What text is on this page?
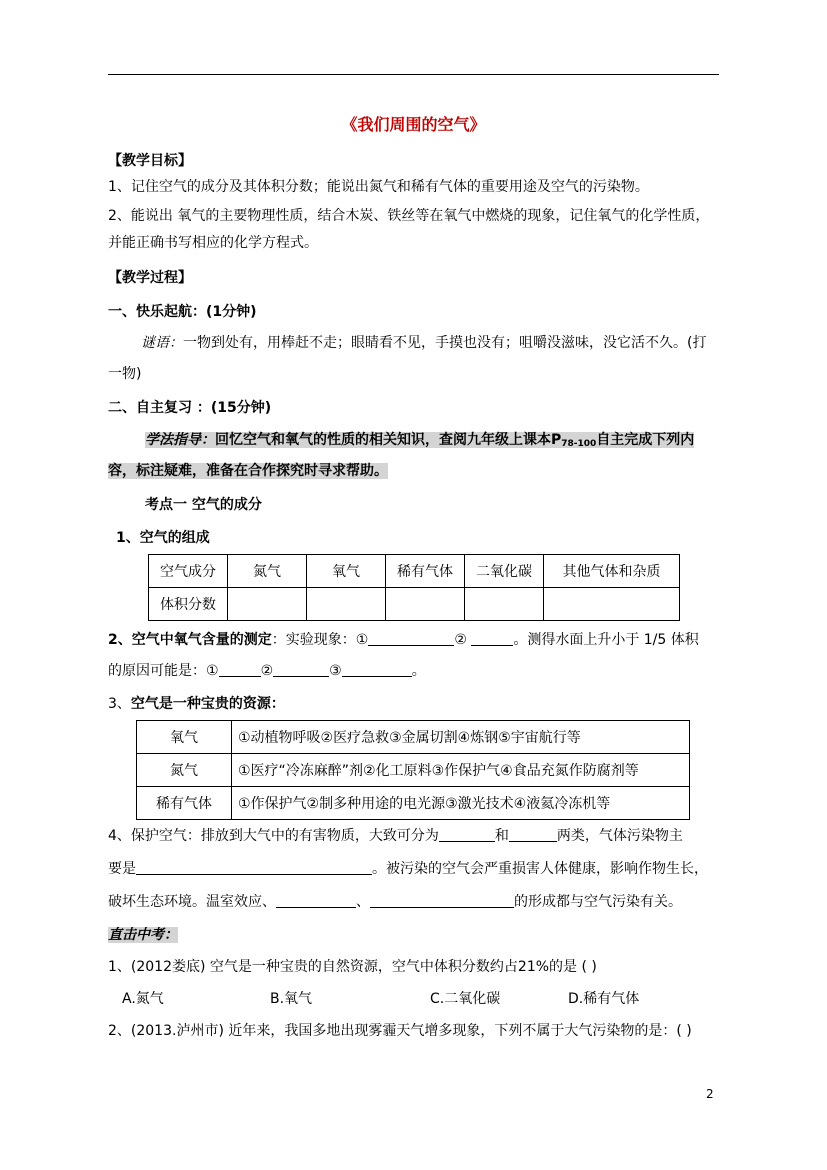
《我们周围的空气》
【教学目标】
1、记住空气的成分及其体积分数；能说出氮气和稀有气体的重要用途及空气的污染物。
2、能说出 氧气的主要物理性质，结合木炭、铁丝等在氧气中燃烧的现象，记住氧气的化学性质，
并能正确书写相应的化学方程式。
【教学过程】
一、快乐起航：(1分钟)
谜语：一物到处有，用棒赶不走；眼睛看不见，手摸也没有；咀嚼没滋味，没它活不久。(打
一物)
二、自主复习 ：(15分钟)
学法指导：回忆空气和氧气的性质的相关知识，查阅九年级上课本$P_{78-100}$自主完成下列内
容，标注疑难，准备在合作探究时寻求帮助。
考点一 空气的成分
1、空气的组成
空气成分	氮气	氧气	稀有气体	二氧化碳	其他气体和杂质
体积分数					
2、空气中氧气含量的测定：实验现象：①	②	。测得水面上升小于 1/5 体积
的原因可能是：①	②	③	。
3、空气是一种宝贵的资源：
氧气	①动植物呼吸②医疗急救③金属切割④炼钢⑤宇宙航行等
氮气	①医疗“冷冻麻醉”剂②化工原料③作保护气④食品充氮作防腐剂等
稀有气体	①作保护气②制多种用途的电光源③激光技术④液氦冷冻机等
4、保护空气：排放到大气中的有害物质，大致可分为	和	两类，气体污染物主
要是	。被污染的空气会严重损害人体健康，影响作物生长，
破坏生态环境。温室效应、	、	的形成都与空气污染有关。
直击中考：
1、(2012娄底) 空气是一种宝贵的自然资源，空气中体积分数约占21%的是 ( )
A.氮气	B.氧气	C.二氧化碳	D.稀有气体
2、(2013.泸州市) 近年来，我国多地出现雾霾天气增多现象，下列不属于大气污染物的是：( )
2
